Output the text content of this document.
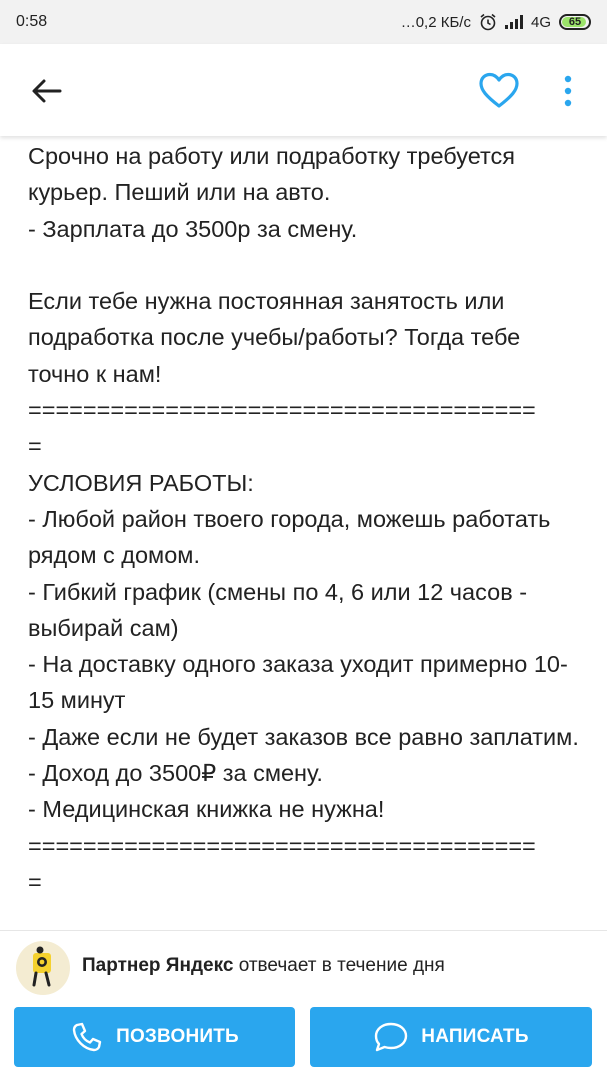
0:58	…0,2 КБ/с	4G 65
Срочно на работу или подработку требуется курьер. Пеший или на авто.
- Зарплата до 3500р за смену.

Если тебе нужна постоянная занятость или подработка после учебы/работы? Тогда тебе точно к нам!
=====================================
=
УСЛОВИЯ РАБОТЫ:
- Любой район твоего города, можешь работать рядом с домом.
- Гибкий график (смены по 4, 6 или 12 часов - выбирай сам)
- На доставку одного заказа уходит примерно 10-15 минут
- Даже если не будет заказов все равно заплатим.
- Доход до 3500₽ за смену.
- Медицинская книжка не нужна!
=====================================
=
Партнер Яндекс отвечает в течение дня
ПОЗВОНИТЬ	НАПИСАТЬ
